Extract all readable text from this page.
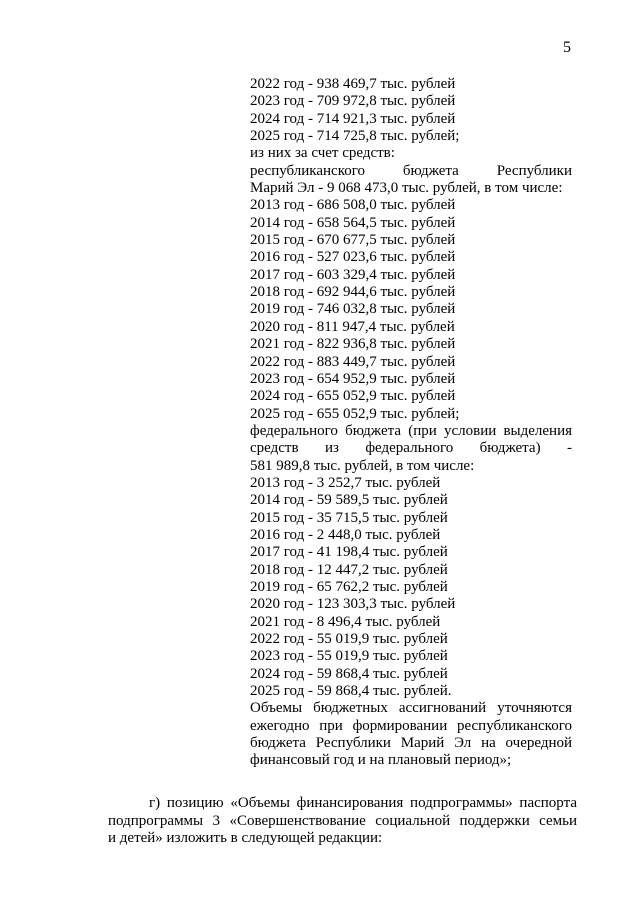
5
2022 год - 938 469,7 тыс. рублей
2023 год - 709 972,8 тыс. рублей
2024 год - 714 921,3 тыс. рублей
2025 год - 714 725,8 тыс. рублей;
из них за счет средств:
республиканского бюджета Республики
Марий Эл - 9 068 473,0 тыс. рублей, в том числе:
2013 год - 686 508,0 тыс. рублей
2014 год - 658 564,5 тыс. рублей
2015 год - 670 677,5 тыс. рублей
2016 год - 527 023,6 тыс. рублей
2017 год - 603 329,4 тыс. рублей
2018 год - 692 944,6 тыс. рублей
2019 год - 746 032,8 тыс. рублей
2020 год - 811 947,4 тыс. рублей
2021 год - 822 936,8 тыс. рублей
2022 год - 883 449,7 тыс. рублей
2023 год - 654 952,9 тыс. рублей
2024 год - 655 052,9 тыс. рублей
2025 год - 655 052,9 тыс. рублей;
федерального бюджета (при условии выделения
средств из федерального бюджета) -
581 989,8 тыс. рублей, в том числе:
2013 год - 3 252,7 тыс. рублей
2014 год - 59 589,5 тыс. рублей
2015 год - 35 715,5 тыс. рублей
2016 год - 2 448,0 тыс. рублей
2017 год - 41 198,4 тыс. рублей
2018 год - 12 447,2 тыс. рублей
2019 год - 65 762,2 тыс. рублей
2020 год - 123 303,3 тыс. рублей
2021 год - 8 496,4 тыс. рублей
2022 год - 55 019,9 тыс. рублей
2023 год - 55 019,9 тыс. рублей
2024 год - 59 868,4 тыс. рублей
2025 год - 59 868,4 тыс. рублей.
Объемы бюджетных ассигнований уточняются
ежегодно при формировании республиканского
бюджета Республики Марий Эл на очередной
финансовый год и на плановый период»;
г) позицию «Объемы финансирования подпрограммы» паспорта
подпрограммы 3 «Совершенствование социальной поддержки семьи
и детей» изложить в следующей редакции:
